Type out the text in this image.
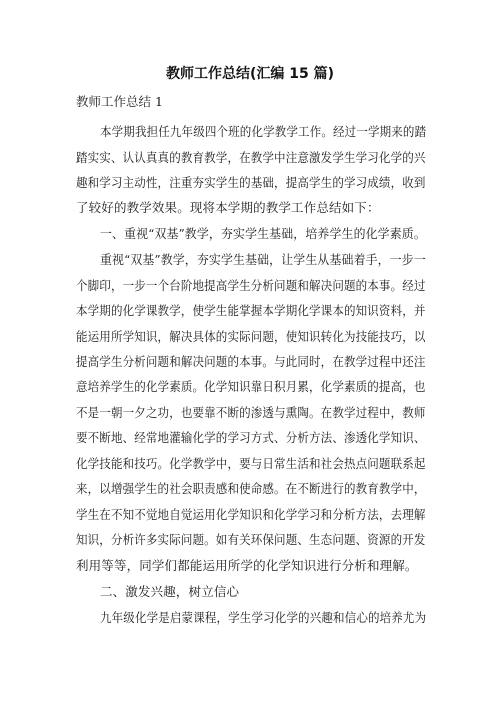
教师工作总结(汇编 15 篇)
教师工作总结 1
本学期我担任九年级四个班的化学教学工作。经过一学期来的踏
踏实实、认认真真的教育教学，在教学中注意激发学生学习化学的兴
趣和学习主动性，注重夯实学生的基础，提高学生的学习成绩，收到
了较好的教学效果。现将本学期的教学工作总结如下：
一、重视“双基”教学，夯实学生基础，培养学生的化学素质。
重视“双基”教学，夯实学生基础，让学生从基础着手，一步一
个脚印，一步一个台阶地提高学生分析问题和解决问题的本事。经过
本学期的化学课教学，使学生能掌握本学期化学课本的知识资料，并
能运用所学知识，解决具体的实际问题，使知识转化为技能技巧，以
提高学生分析问题和解决问题的本事。与此同时，在教学过程中还注
意培养学生的化学素质。化学知识靠日积月累，化学素质的提高，也
不是一朝一夕之功，也要靠不断的渗透与熏陶。在教学过程中，教师
要不断地、经常地灌输化学的学习方式、分析方法、渗透化学知识、
化学技能和技巧。化学教学中，要与日常生活和社会热点问题联系起
来，以增强学生的社会职责感和使命感。在不断进行的教育教学中，
学生在不知不觉地自觉运用化学知识和化学学习和分析方法，去理解
知识，分析许多实际问题。如有关环保问题、生态问题、资源的开发
利用等等，同学们都能运用所学的化学知识进行分析和理解。
二、激发兴趣，树立信心
九年级化学是启蒙课程，学生学习化学的兴趣和信心的培养尤为
